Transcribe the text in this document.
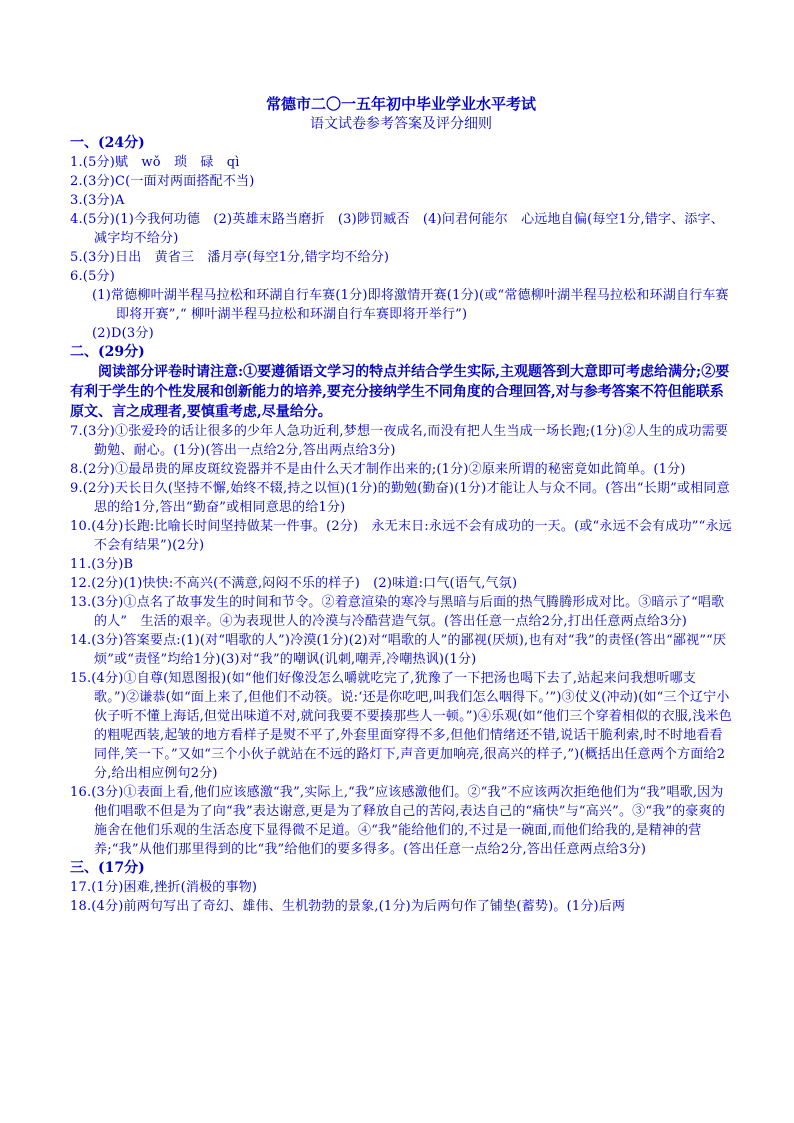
常德市二〇一五年初中毕业学业水平考试

语文试卷参考答案及评分细则

一、(24分)

1.(5分)赋　wǒ　琐　碌　qì

2.(3分)C(一面对两面搭配不当)

3.(3分)A

4.(5分)(1)今我何功德　(2)英雄末路当磨折　(3)陟罚臧否　(4)问君何能尔　心远地自偏(每空1分,错字、添字、减字均不给分)

5.(3分)日出　黄省三　潘月亭(每空1分,错字均不给分)

6.(5分)

(1)常德柳叶湖半程马拉松和环湖自行车赛(1分)即将激情开赛(1分)(或“常德柳叶湖半程马拉松和环湖自行车赛即将开赛”,“ 柳叶湖半程马拉松和环湖自行车赛即将开举行”)

(2)D(3分)

二、(29分)

阅读部分评卷时请注意:①要遵循语文学习的特点并结合学生实际,主观题答到大意即可考虑给满分;②要有利于学生的个性发展和创新能力的培养,要充分接纳学生不同角度的合理回答,对与参考答案不符但能联系原文、言之成理者,要慎重考虑,尽量给分。

7.(3分)①张爱玲的话让很多的少年人急功近利,梦想一夜成名,而没有把人生当成一场长跑;(1分)②人生的成功需要勤勉、耐心。(1分)(答出一点给2分,答出两点给3分)

8.(2分)①最昂贵的犀皮斑纹瓷器并不是由什么天才制作出来的;(1分)②原来所谓的秘密竟如此简单。(1分)

9.(2分)天长日久(坚持不懈,始终不辍,持之以恒)(1分)的勤勉(勤奋)(1分)才能让人与众不同。(答出“长期”或相同意思的给1分,答出“勤奋”或相同意思的给1分)

10.(4分)长跑:比喻长时间坚持做某一件事。(2分)　永无末日:永远不会有成功的一天。(或“永远不会有成功”“永远不会有结果”)(2分)

11.(3分)B

12.(2分)(1)快快:不高兴(不满意,闷闷不乐的样子)　(2)味道:口气(语气,气氛)

13.(3分)①点名了故事发生的时间和节令。②着意渲染的寒冷与黑暗与后面的热气腾腾形成对比。③暗示了“唱歌的人”　生活的艰辛。④为表现世人的冷漠与冷酷营造气氛。(答出任意一点给2分,打出任意两点给3分)

14.(3分)答案要点:(1)(对“唱歌的人”)冷漠(1分)(2)对“唱歌的人”的鄙视(厌烦),也有对“我”的责怪(答出“鄙视”“厌烦”或“责怪”均给1分)(3)对“我”的嘲讽(讥刺,嘲弄,冷嘲热讽)(1分)

15.(4分)①自尊(知恩图报)(如“他们好像没怎么嚼就吃完了,犹豫了一下把汤也喝下去了,站起来问我想听哪支歌。”)②谦恭(如“面上来了,但他们不动筷。说:‘还是你吃吧,叫我们怎么咽得下。’”)③仗义(冲动)(如“三个辽宁小伙子听不懂上海话,但觉出味道不对,就问我要不要揍那些人一顿。”)④乐观(如“他们三个穿着相似的衣服,浅米色的粗呢西装,起皱的地方看样子是熨不平了,外套里面穿得不多,但他们情绪还不错,说话干脆利索,时不时地看看同伴,笑一下。”又如“三个小伙子就站在不远的路灯下,声音更加响亮,很高兴的样子,”)(概括出任意两个方面给2分,给出相应例句2分)

16.(3分)①表面上看,他们应该感激“我”,实际上,“我”应该感激他们。②“我”不应该两次拒绝他们为“我”唱歌,因为他们唱歌不但是为了向“我”表达谢意,更是为了释放自己的苦闷,表达自己的“痛快”与“高兴”。③“我”的豪爽的施舍在他们乐观的生活态度下显得微不足道。④“我”能给他们的,不过是一碗面,而他们给我的,是精神的营养;“我”从他们那里得到的比“我”给他们的要多得多。(答出任意一点给2分,答出任意两点给3分)

三、(17分)

17.(1分)困难,挫折(消极的事物)

18.(4分)前两句写出了奇幻、雄伟、生机勃勃的景象,(1分)为后两句作了铺垫(蓄势)。(1分)后两
